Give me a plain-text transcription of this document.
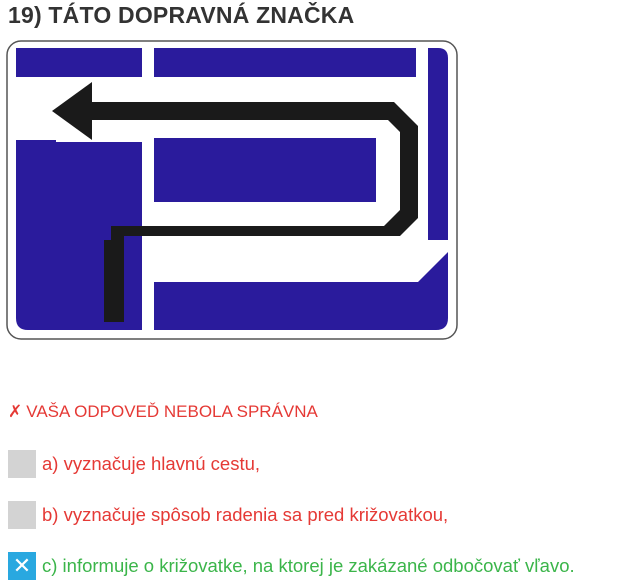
19) TÁTO DOPRAVNÁ ZNAČKA
✗ VAŠA ODPOVEĎ NEBOLA SPRÁVNA
a) vyznačuje hlavnú cestu,
b) vyznačuje spôsob radenia sa pred križovatkou,
✕ c) informuje o križovatke, na ktorej je zakázané odbočovať vľavo.
